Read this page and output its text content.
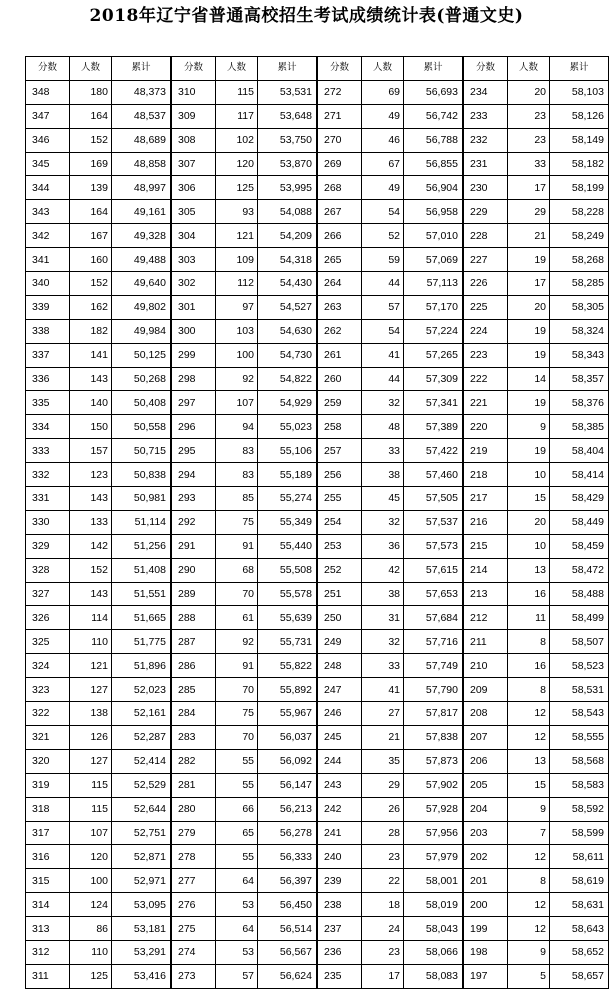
2018年辽宁省普通高校招生考试成绩统计表(普通文史)
分数	人数	累计
348	180	48,373
347	164	48,537
346	152	48,689
345	169	48,858
344	139	48,997
343	164	49,161
342	167	49,328
341	160	49,488
340	152	49,640
339	162	49,802
338	182	49,984
337	141	50,125
336	143	50,268
335	140	50,408
334	150	50,558
333	157	50,715
332	123	50,838
331	143	50,981
330	133	51,114
329	142	51,256
328	152	51,408
327	143	51,551
326	114	51,665
325	110	51,775
324	121	51,896
323	127	52,023
322	138	52,161
321	126	52,287
320	127	52,414
319	115	52,529
318	115	52,644
317	107	52,751
316	120	52,871
315	100	52,971
314	124	53,095
313	86	53,181
312	110	53,291
311	125	53,416
分数	人数	累计
310	115	53,531
309	117	53,648
308	102	53,750
307	120	53,870
306	125	53,995
305	93	54,088
304	121	54,209
303	109	54,318
302	112	54,430
301	97	54,527
300	103	54,630
299	100	54,730
298	92	54,822
297	107	54,929
296	94	55,023
295	83	55,106
294	83	55,189
293	85	55,274
292	75	55,349
291	91	55,440
290	68	55,508
289	70	55,578
288	61	55,639
287	92	55,731
286	91	55,822
285	70	55,892
284	75	55,967
283	70	56,037
282	55	56,092
281	55	56,147
280	66	56,213
279	65	56,278
278	55	56,333
277	64	56,397
276	53	56,450
275	64	56,514
274	53	56,567
273	57	56,624
分数	人数	累计
272	69	56,693
271	49	56,742
270	46	56,788
269	67	56,855
268	49	56,904
267	54	56,958
266	52	57,010
265	59	57,069
264	44	57,113
263	57	57,170
262	54	57,224
261	41	57,265
260	44	57,309
259	32	57,341
258	48	57,389
257	33	57,422
256	38	57,460
255	45	57,505
254	32	57,537
253	36	57,573
252	42	57,615
251	38	57,653
250	31	57,684
249	32	57,716
248	33	57,749
247	41	57,790
246	27	57,817
245	21	57,838
244	35	57,873
243	29	57,902
242	26	57,928
241	28	57,956
240	23	57,979
239	22	58,001
238	18	58,019
237	24	58,043
236	23	58,066
235	17	58,083
分数	人数	累计
234	20	58,103
233	23	58,126
232	23	58,149
231	33	58,182
230	17	58,199
229	29	58,228
228	21	58,249
227	19	58,268
226	17	58,285
225	20	58,305
224	19	58,324
223	19	58,343
222	14	58,357
221	19	58,376
220	9	58,385
219	19	58,404
218	10	58,414
217	15	58,429
216	20	58,449
215	10	58,459
214	13	58,472
213	16	58,488
212	11	58,499
211	8	58,507
210	16	58,523
209	8	58,531
208	12	58,543
207	12	58,555
206	13	58,568
205	15	58,583
204	9	58,592
203	7	58,599
202	12	58,611
201	8	58,619
200	12	58,631
199	12	58,643
198	9	58,652
197	5	58,657
